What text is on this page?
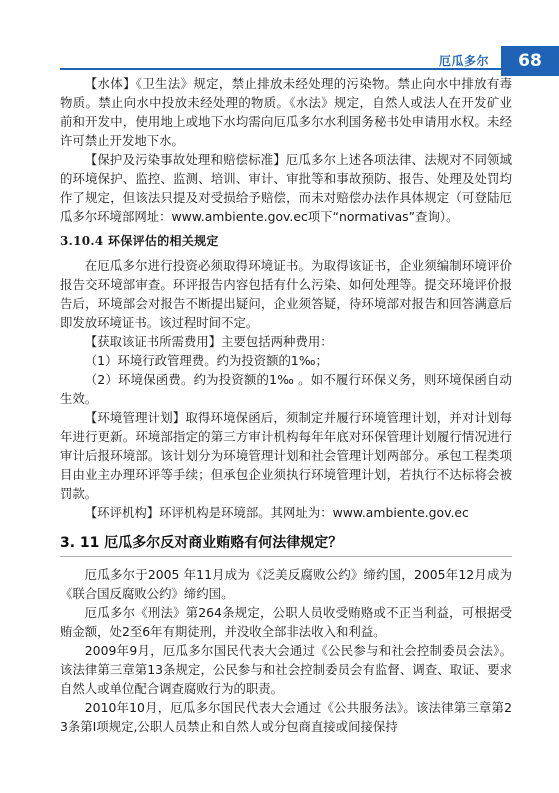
厄瓜多尔	68

【水体】《卫生法》规定，禁止排放未经处理的污染物。禁止向水中排放有毒物质。禁止向水中投放未经处理的物质。《水法》规定，自然人或法人在开发矿业前和开发中，使用地上或地下水均需向厄瓜多尔水利国务秘书处申请用水权。未经许可禁止开发地下水。

【保护及污染事故处理和赔偿标准】厄瓜多尔上述各项法律、法规对不同领域的环境保护、监控、监测、培训、审计、审批等和事故预防、报告、处理及处罚均作了规定，但该法只提及对受损给予赔偿，而未对赔偿办法作具体规定（可登陆厄瓜多尔环境部网址：www.ambiente.gov.ec项下“normativas”查询）。

3.10.4 环保评估的相关规定

在厄瓜多尔进行投资必须取得环境证书。为取得该证书，企业须编制环境评价报告交环境部审查。环评报告内容包括有什么污染、如何处理等。提交环境评价报告后，环境部会对报告不断提出疑问，企业须答疑，待环境部对报告和回答满意后即发放环境证书。该过程时间不定。

【获取该证书所需费用】主要包括两种费用：

（1）环境行政管理费。约为投资额的1‰；

（2）环境保函费。约为投资额的1‰ 。如不履行环保义务，则环境保函自动生效。

【环境管理计划】取得环境保函后，须制定并履行环境管理计划，并对计划每年进行更新。环境部指定的第三方审计机构每年年底对环保管理计划履行情况进行审计后报环境部。该计划分为环境管理计划和社会管理计划两部分。承包工程类项目由业主办理环评等手续；但承包企业须执行环境管理计划，若执行不达标将会被罚款。

【环评机构】环评机构是环境部。其网址为：www.ambiente.gov.ec

3. 11 厄瓜多尔反对商业贿赂有何法律规定？

厄瓜多尔于2005 年11月成为《泛美反腐败公约》缔约国，2005年12月成为《联合国反腐败公约》缔约国。

厄瓜多尔《刑法》第264条规定，公职人员收受贿赂或不正当利益，可根据受贿金额，处2至6年有期徒刑，并没收全部非法收入和利益。

2009年9月，厄瓜多尔国民代表大会通过《公民参与和社会控制委员会法》。该法律第三章第13条规定，公民参与和社会控制委员会有监督、调查、取证、要求自然人或单位配合调查腐败行为的职责。

2010年10月，厄瓜多尔国民代表大会通过《公共服务法》。该法律第三章第23条第I项规定,公职人员禁止和自然人或分包商直接或间接保持
